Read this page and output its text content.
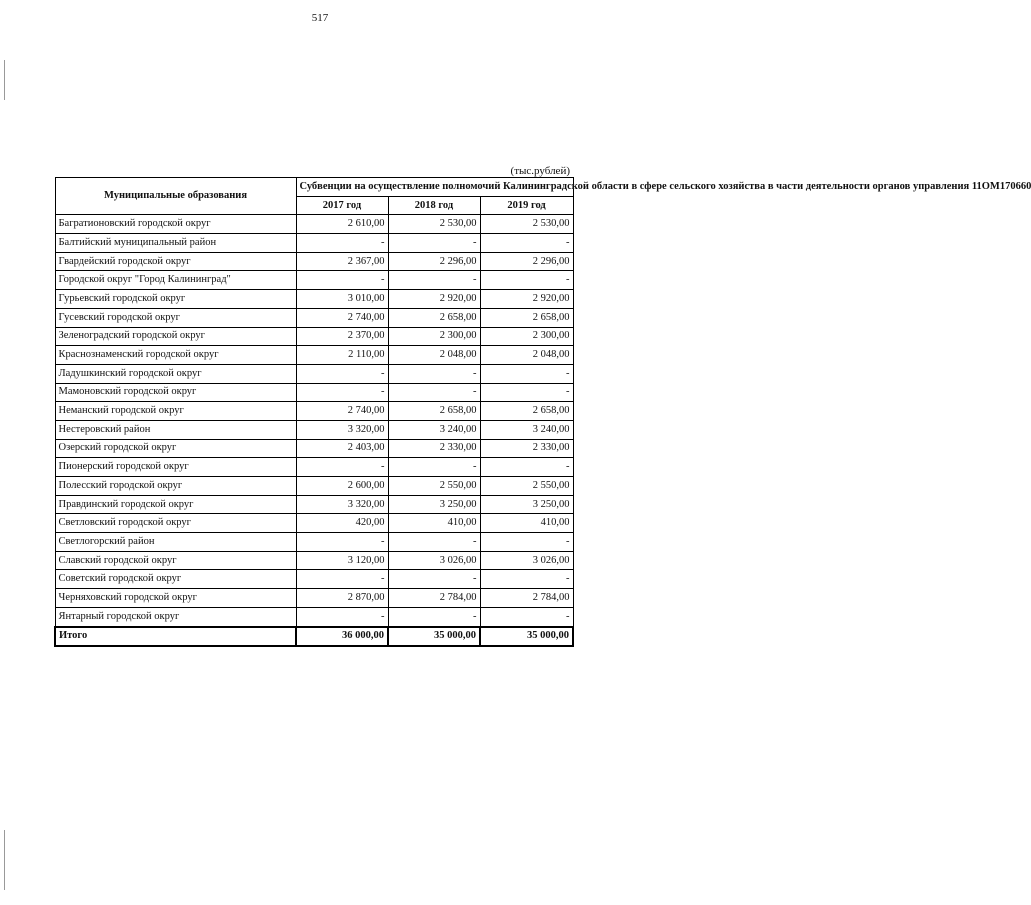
517
(тыс.рублей)
Муниципальные образования	Субвенции на осуществление полномочий Калининградской области в сфере сельского хозяйства в части деятельности органов управления 11ОМ170660		
	2017 год	2018 год	2019 год
Багратионовский городской округ	2 610,00	2 530,00	2 530,00
Балтийский муниципальный район	-	-	-
Гвардейский городской округ	2 367,00	2 296,00	2 296,00
Городской округ "Город Калининград"	-	-	-
Гурьевский городской округ	3 010,00	2 920,00	2 920,00
Гусевский городской округ	2 740,00	2 658,00	2 658,00
Зеленоградский городской округ	2 370,00	2 300,00	2 300,00
Краснознаменский городской округ	2 110,00	2 048,00	2 048,00
Ладушкинский городской округ	-	-	-
Мамоновский городской округ	-	-	-
Неманский городской округ	2 740,00	2 658,00	2 658,00
Нестеровский район	3 320,00	3 240,00	3 240,00
Озерский городской округ	2 403,00	2 330,00	2 330,00
Пионерский городской округ	-	-	-
Полесский городской округ	2 600,00	2 550,00	2 550,00
Правдинский городской округ	3 320,00	3 250,00	3 250,00
Светловский городской округ	420,00	410,00	410,00
Светлогорский район	-	-	-
Славский городской округ	3 120,00	3 026,00	3 026,00
Советский городской округ	-	-	-
Черняховский городской округ	2 870,00	2 784,00	2 784,00
Янтарный городской округ	-	-	-
Итого	36 000,00	35 000,00	35 000,00
